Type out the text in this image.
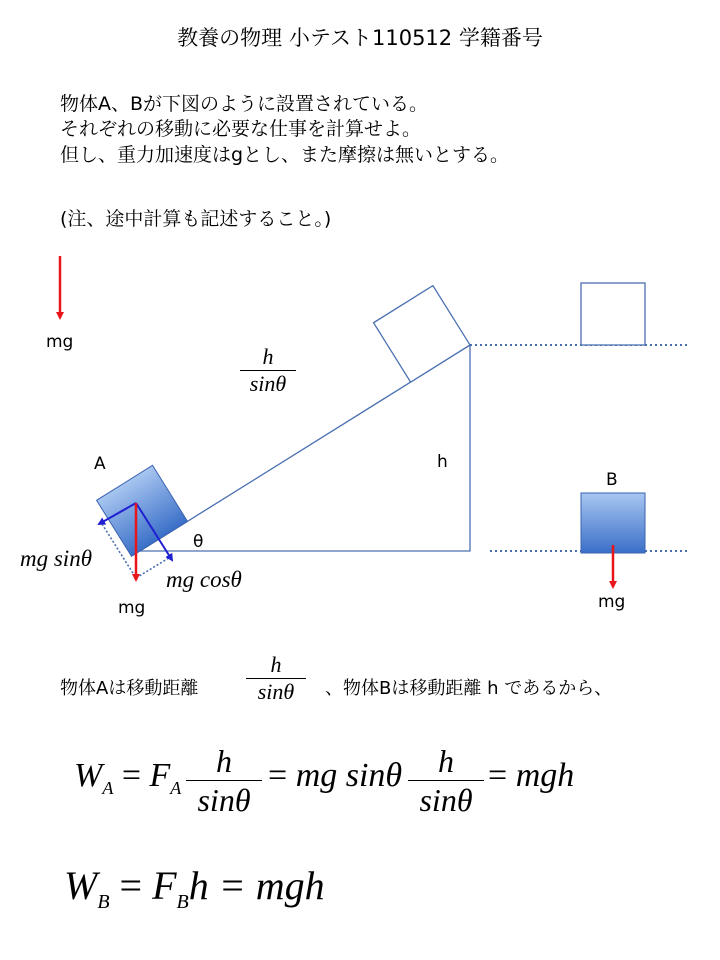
教養の物理 小テスト110512 学籍番号
物体A、Bが下図のように設置されている。
それぞれの移動に必要な仕事を計算せよ。
但し、重力加速度はgとし、また摩擦は無いとする。
(注、途中計算も記述すること。)
mg
h
sinθ
h
A
B
θ
mg sinθ
mg cosθ
mg	mg
物体Aは移動距離
h
sinθ	、物体Bは移動距離 h であるから、
$W_A = F_A$
h
sinθ
= mg sinθ	h
sinθ
= mgh
$W_B = F_Bh$ = mgh
